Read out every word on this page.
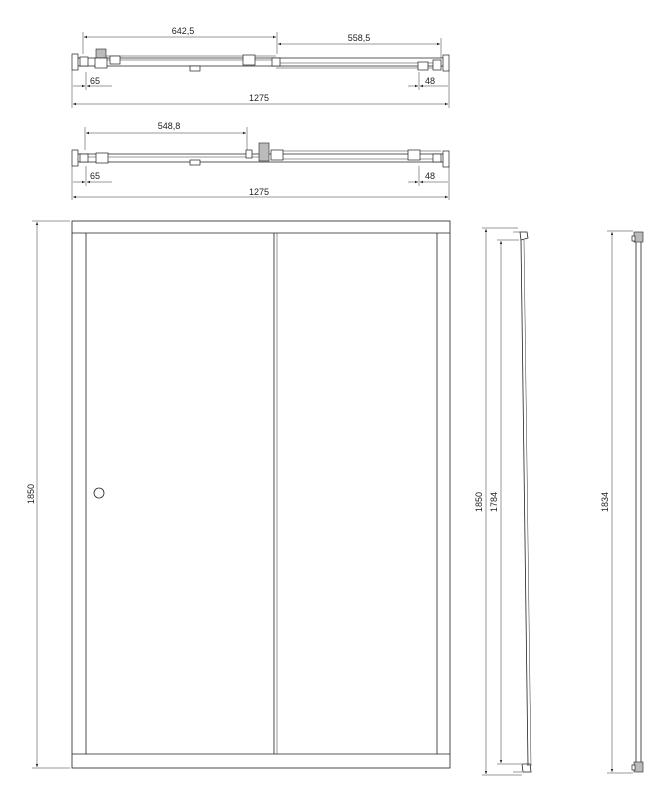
642,5
558,5
65	48
1275
548,8
65	48
1275
1850	1850 1784	1834
